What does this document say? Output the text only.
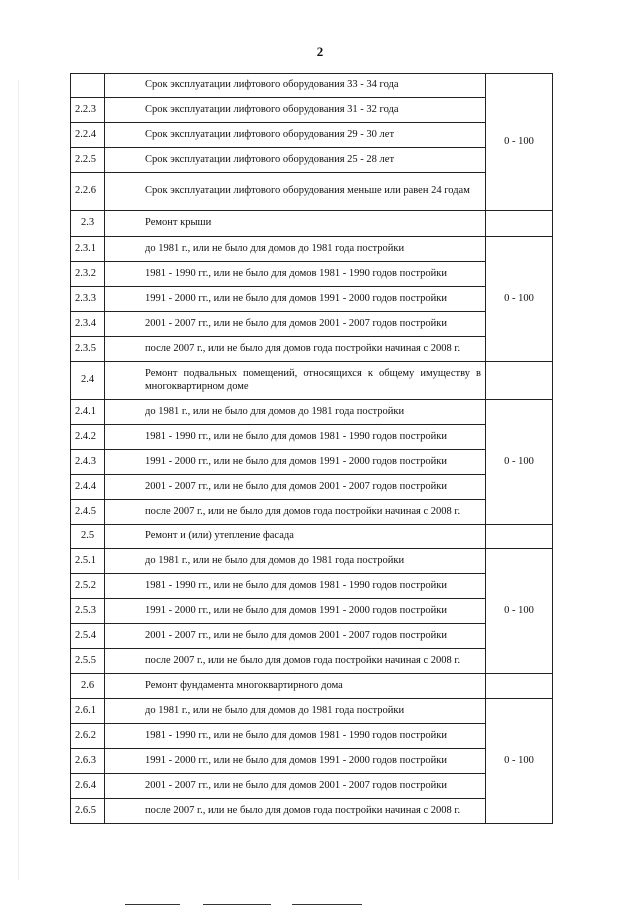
2
	Срок эксплуатации лифтового оборудования 33 - 34 года	0 - 100
2.2.3	Срок эксплуатации лифтового оборудования 31 - 32 года	
2.2.4	Срок эксплуатации лифтового оборудования 29 - 30 лет	
2.2.5	Срок эксплуатации лифтового оборудования 25 - 28 лет	
2.2.6	Срок эксплуатации лифтового оборудования меньше или равен 24 годам	
2.3	Ремонт крыши	
2.3.1	до 1981 г., или не было для домов до 1981 года постройки	0 - 100
2.3.2	1981 - 1990 гг., или не было для домов 1981 - 1990 годов постройки	
2.3.3	1991 - 2000 гг., или не было для домов 1991 - 2000 годов постройки	
2.3.4	2001 - 2007 гг., или не было для домов 2001 - 2007 годов постройки	
2.3.5	после 2007 г., или не было для домов года постройки начиная с 2008 г.	
2.4	Ремонт подвальных помещений, относящихся к общему имуществу в многоквартирном доме	
2.4.1	до 1981 г., или не было для домов до 1981 года постройки	0 - 100
2.4.2	1981 - 1990 гг., или не было для домов 1981 - 1990 годов постройки	
2.4.3	1991 - 2000 гг., или не было для домов 1991 - 2000 годов постройки	
2.4.4	2001 - 2007 гг., или не было для домов 2001 - 2007 годов постройки	
2.4.5	после 2007 г., или не было для домов года постройки начиная с 2008 г.	
2.5	Ремонт и (или) утепление фасада	
2.5.1	до 1981 г., или не было для домов до 1981 года постройки	0 - 100
2.5.2	1981 - 1990 гг., или не было для домов 1981 - 1990 годов постройки	
2.5.3	1991 - 2000 гг., или не было для домов 1991 - 2000 годов постройки	
2.5.4	2001 - 2007 гг., или не было для домов 2001 - 2007 годов постройки	
2.5.5	после 2007 г., или не было для домов года постройки начиная с 2008 г.	
2.6	Ремонт фундамента многоквартирного дома	
2.6.1	до 1981 г., или не было для домов до 1981 года постройки	0 - 100
2.6.2	1981 - 1990 гг., или не было для домов 1981 - 1990 годов постройки	
2.6.3	1991 - 2000 гг., или не было для домов 1991 - 2000 годов постройки	
2.6.4	2001 - 2007 гг., или не было для домов 2001 - 2007 годов постройки	
2.6.5	после 2007 г., или не было для домов года постройки начиная с 2008 г.	
